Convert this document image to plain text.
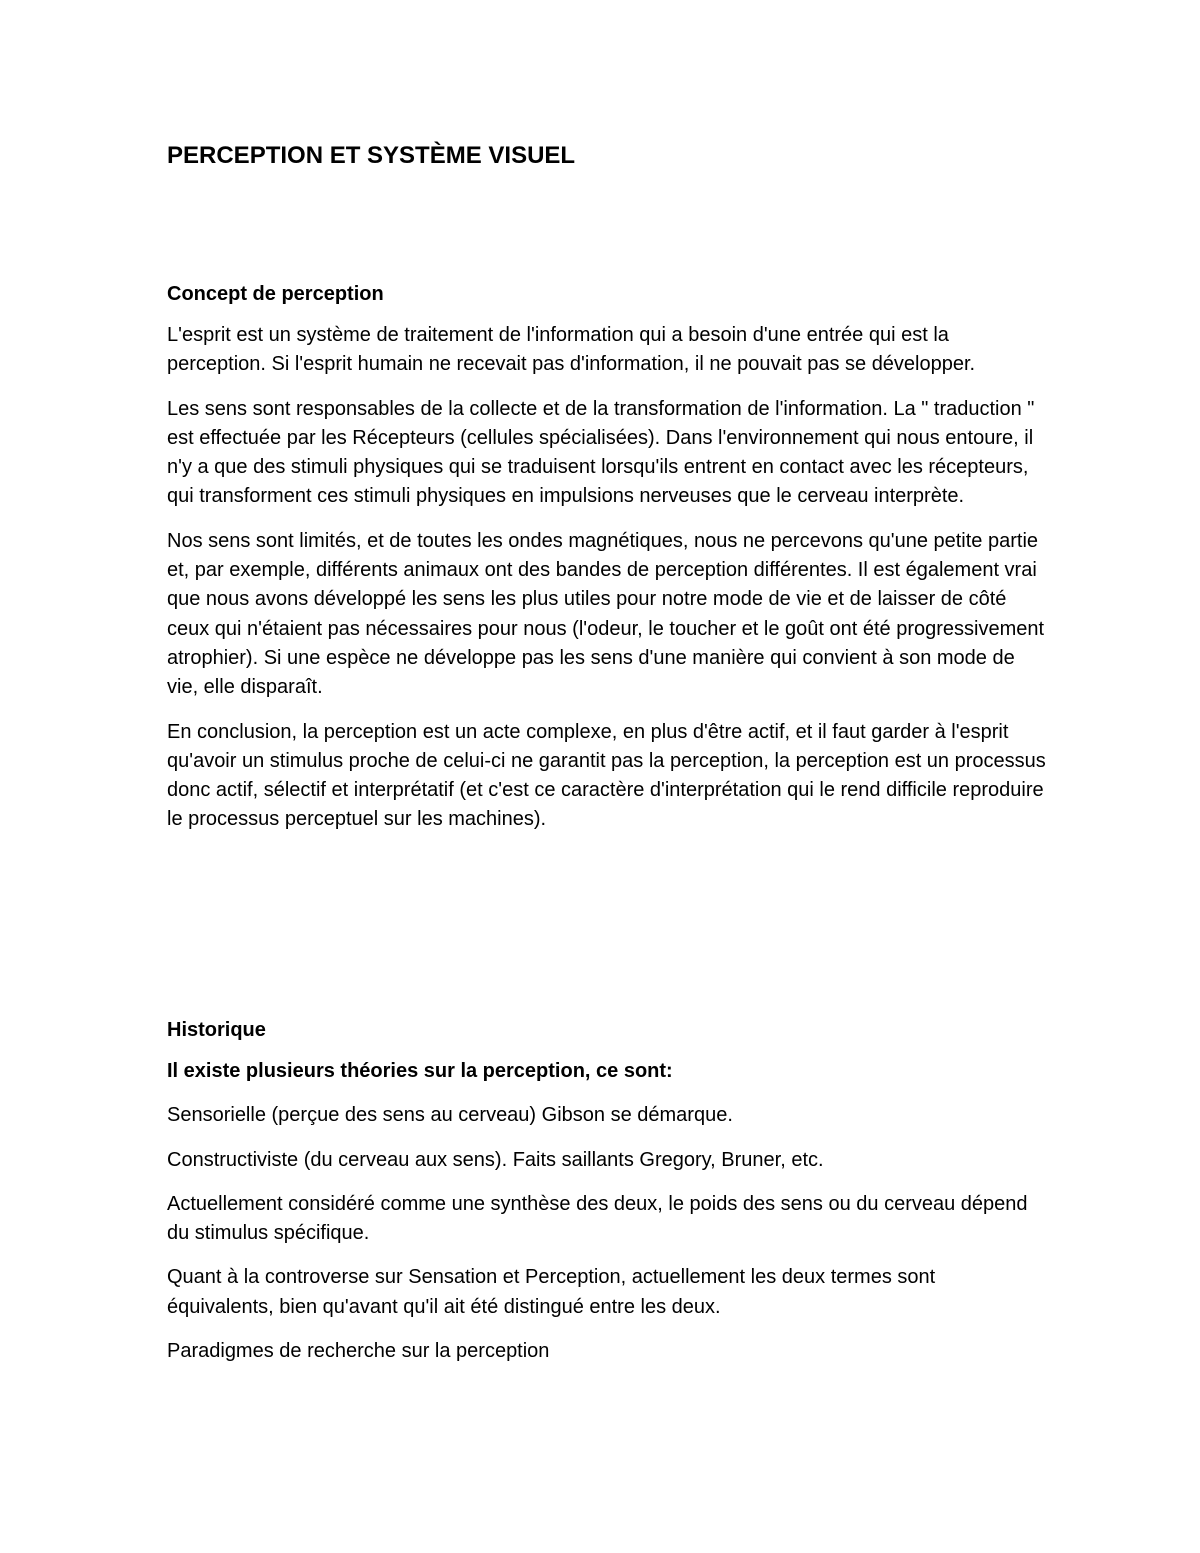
PERCEPTION ET SYSTÈME VISUEL
Concept de perception

L'esprit est un système de traitement de l'information qui a besoin d'une entrée qui est la perception. Si l'esprit humain ne recevait pas d'information, il ne pouvait pas se développer.

Les sens sont responsables de la collecte et de la transformation de l'information. La " traduction " est effectuée par les Récepteurs (cellules spécialisées). Dans l'environnement qui nous entoure, il n'y a que des stimuli physiques qui se traduisent lorsqu'ils entrent en contact avec les récepteurs, qui transforment ces stimuli physiques en impulsions nerveuses que le cerveau interprète.

Nos sens sont limités, et de toutes les ondes magnétiques, nous ne percevons qu'une petite partie et, par exemple, différents animaux ont des bandes de perception différentes. Il est également vrai que nous avons développé les sens les plus utiles pour notre mode de vie et de laisser de côté ceux qui n'étaient pas nécessaires pour nous (l'odeur, le toucher et le goût ont été progressivement atrophier). Si une espèce ne développe pas les sens d'une manière qui convient à son mode de vie, elle disparaît.

En conclusion, la perception est un acte complexe, en plus d'être actif, et il faut garder à l'esprit qu'avoir un stimulus proche de celui-ci ne garantit pas la perception, la perception est un processus donc actif, sélectif et interprétatif (et c'est ce caractère d'interprétation qui le rend difficile reproduire le processus perceptuel sur les machines).

Historique

Il existe plusieurs théories sur la perception, ce sont:

Sensorielle (perçue des sens au cerveau) Gibson se démarque.

Constructiviste (du cerveau aux sens). Faits saillants Gregory, Bruner, etc.

Actuellement considéré comme une synthèse des deux, le poids des sens ou du cerveau dépend du stimulus spécifique.

Quant à la controverse sur Sensation et Perception, actuellement les deux termes sont équivalents, bien qu'avant qu'il ait été distingué entre les deux.

Paradigmes de recherche sur la perception
